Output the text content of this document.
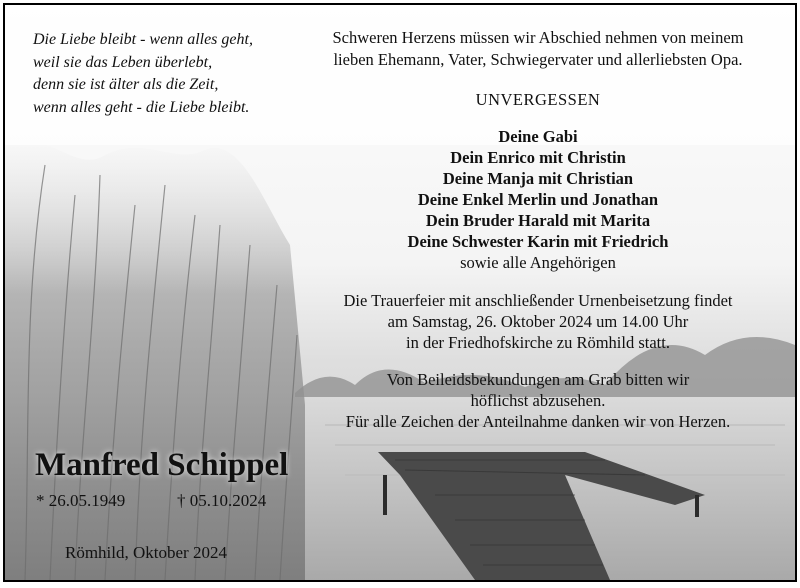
Die Liebe bleibt - wenn alles geht,
weil sie das Leben überlebt,
denn sie ist älter als die Zeit,
wenn alles geht - die Liebe bleibt.
Schweren Herzens müssen wir Abschied nehmen von meinem
lieben Ehemann, Vater, Schwiegervater und allerliebsten Opa.
UNVERGESSEN
Deine Gabi
Dein Enrico mit Christin
Deine Manja mit Christian
Deine Enkel Merlin und Jonathan
Dein Bruder Harald mit Marita
Deine Schwester Karin mit Friedrich
sowie alle Angehörigen
Die Trauerfeier mit anschließender Urnenbeisetzung findet
am Samstag, 26. Oktober 2024 um 14.00 Uhr
in der Friedhofskirche zu Römhild statt.
Von Beileidsbekundungen am Grab bitten wir
höflichst abzusehen.
Für alle Zeichen der Anteilnahme danken wir von Herzen.
Manfred Schippel
* 26.05.1949	† 05.10.2024
Römhild, Oktober 2024
